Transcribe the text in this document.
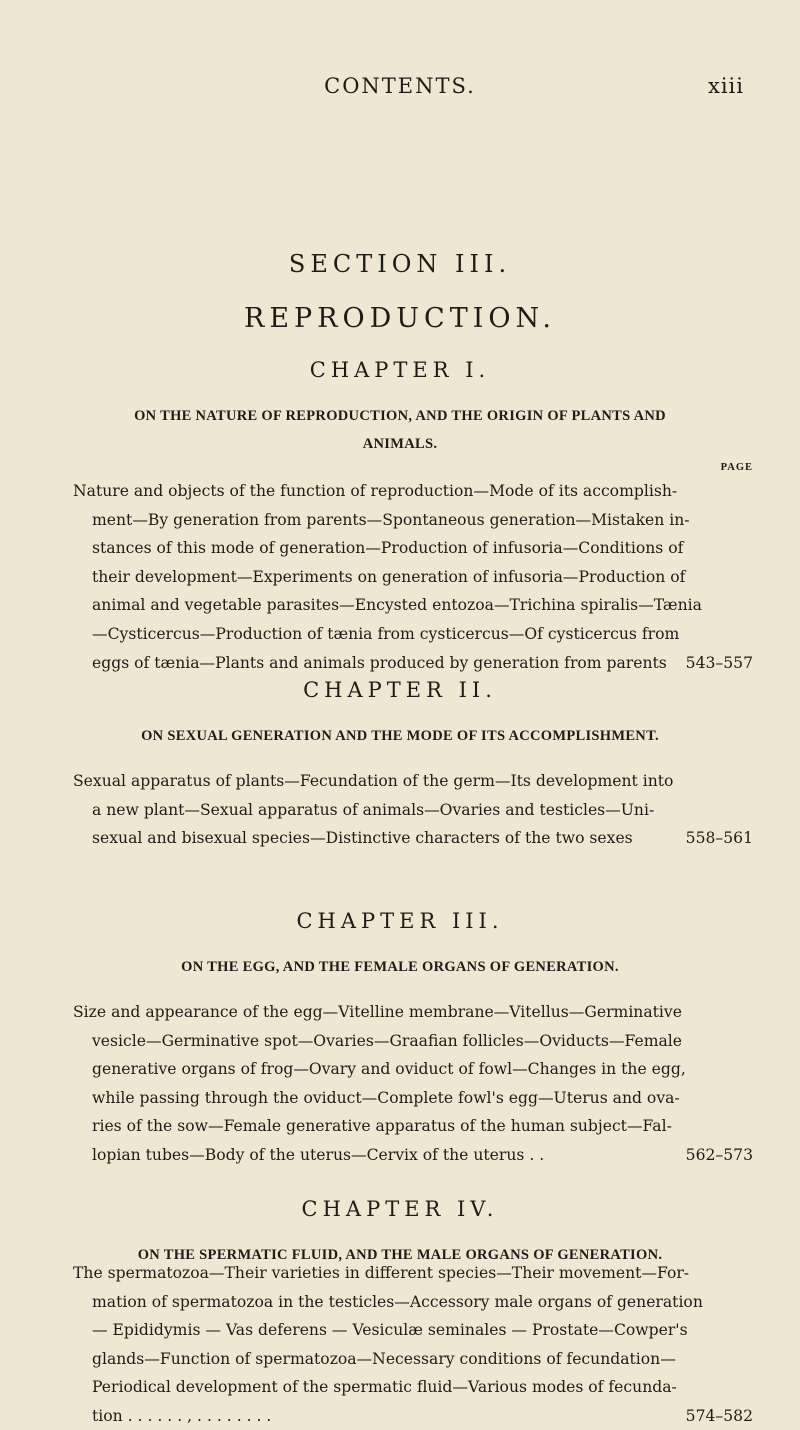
CONTENTS.	xiii
SECTION III.
REPRODUCTION.
PAGE
CHAPTER I.
ON THE NATURE OF REPRODUCTION, AND THE ORIGIN OF PLANTS AND
ANIMALS.
Nature and objects of the function of reproduction—Mode of its accomplish-
ment—By generation from parents—Spontaneous generation—Mistaken in-
stances of this mode of generation—Production of infusoria—Conditions of
their development—Experiments on generation of infusoria—Production of
animal and vegetable parasites—Encysted entozoa—Trichina spiralis—Tænia
—Cysticercus—Production of tænia from cysticercus—Of cysticercus from
eggs of tænia—Plants and animals produced by generation from parents 543–557
CHAPTER II.
ON SEXUAL GENERATION AND THE MODE OF ITS ACCOMPLISHMENT.
Sexual apparatus of plants—Fecundation of the germ—Its development into
a new plant—Sexual apparatus of animals—Ovaries and testicles—Uni-
sexual and bisexual species—Distinctive characters of the two sexes	558–561
CHAPTER III.
ON THE EGG, AND THE FEMALE ORGANS OF GENERATION.
Size and appearance of the egg—Vitelline membrane—Vitellus—Germinative
vesicle—Germinative spot—Ovaries—Graafian follicles—Oviducts—Female
generative organs of frog—Ovary and oviduct of fowl—Changes in the egg,
while passing through the oviduct—Complete fowl's egg—Uterus and ova-
ries of the sow—Female generative apparatus of the human subject—Fal-
lopian tubes—Body of the uterus—Cervix of the uterus . .	562–573
CHAPTER IV.
ON THE SPERMATIC FLUID, AND THE MALE ORGANS OF GENERATION.
The spermatozoa—Their varieties in different species—Their movement—For-
mation of spermatozoa in the testicles—Accessory male organs of generation
— Epididymis — Vas deferens — Vesiculæ seminales — Prostate—Cowper's
glands—Function of spermatozoa—Necessary conditions of fecundation—
Periodical development of the spermatic fluid—Various modes of fecunda-
tion . . . . . . , . . . . . . . .	574–582
